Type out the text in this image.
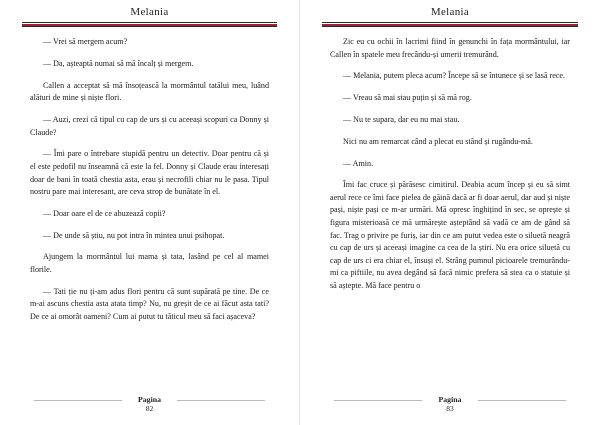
Melania

— Vrei să mergem acum?

— Da, așteaptă numai să mă încalț și mergem.

Callen a acceptat să mă însoțească la mormântul tatălui meu, luând alături de mine și niște flori.

— Auzi, crezi că tipul cu cap de urs și cu aceeași scopuri ca Donny și Claude?

— Îmi pare o întrebare stupidă pentru un detectiv. Doar pentru că și el este pedofil nu înseamnă că este la fel. Donny și Claude erau interesați doar de bani în toată chestia asta, erau și necrofili chiar nu le pasa. Tipul nostru pare mai interesant, are ceva strop de bunătate în el.

— Doar oare el de ce abuzează copii?

— De unde să știu, nu pot intra în mintea unui psihopat.

Ajungem la mormântul lui mama și tata, lasând pe cel al mamei florile.

— Tati ție nu ți-am adus flori pentru că sunt supărată pe tine. De ce m-ai ascuns chestia asta atata timp? Nu, nu greșit de ce ai făcut asta tati? De ce ai omorât oameni? Cum ai putut tu tăticul meu să faci așaceva?

Pagina
82
Melania

Zic eu cu ochii în lacrimi fiind în genunchi în fața mormântului, iar Callen în spatele meu frecându-și umerii tremurând.

— Melania, putem pleca acum? Începe să se întunece și se lasă rece.

— Vreau să mai stau puțin și să mă rog.

— Nu te supara, dar eu nu mai stau.

Nici nu am remarcat când a plecat eu stând și rugându-mă.

— Amin.

Îmi fac cruce și părăsesc cimitirul. Deabia acum încep și eu să simt aerul rece ce îmi face pielea de găină dacă ar fi doar aerul, dar aud și niște pași, niște pași ce m-ar urmări. Mă opresc înghițind în sec, se oprește și figura misterioasă ce mă urmărește așteptând să vadă ce am de gând să fac. Trag o privire pe furiș, iar din ce am putut vedea este o siluetă neagră cu cap de urs și aceeași imagine ca cea de la știri. Nu era orice siluetă cu cap de urs ci era chiar el, însuși el. Strâng pumnul picioarele tremurându-mi ca piftiile, nu avea degând să facă nimic prefera să stea ca o statuie și să aștepte. Mă face pentru o

Pagina
83
